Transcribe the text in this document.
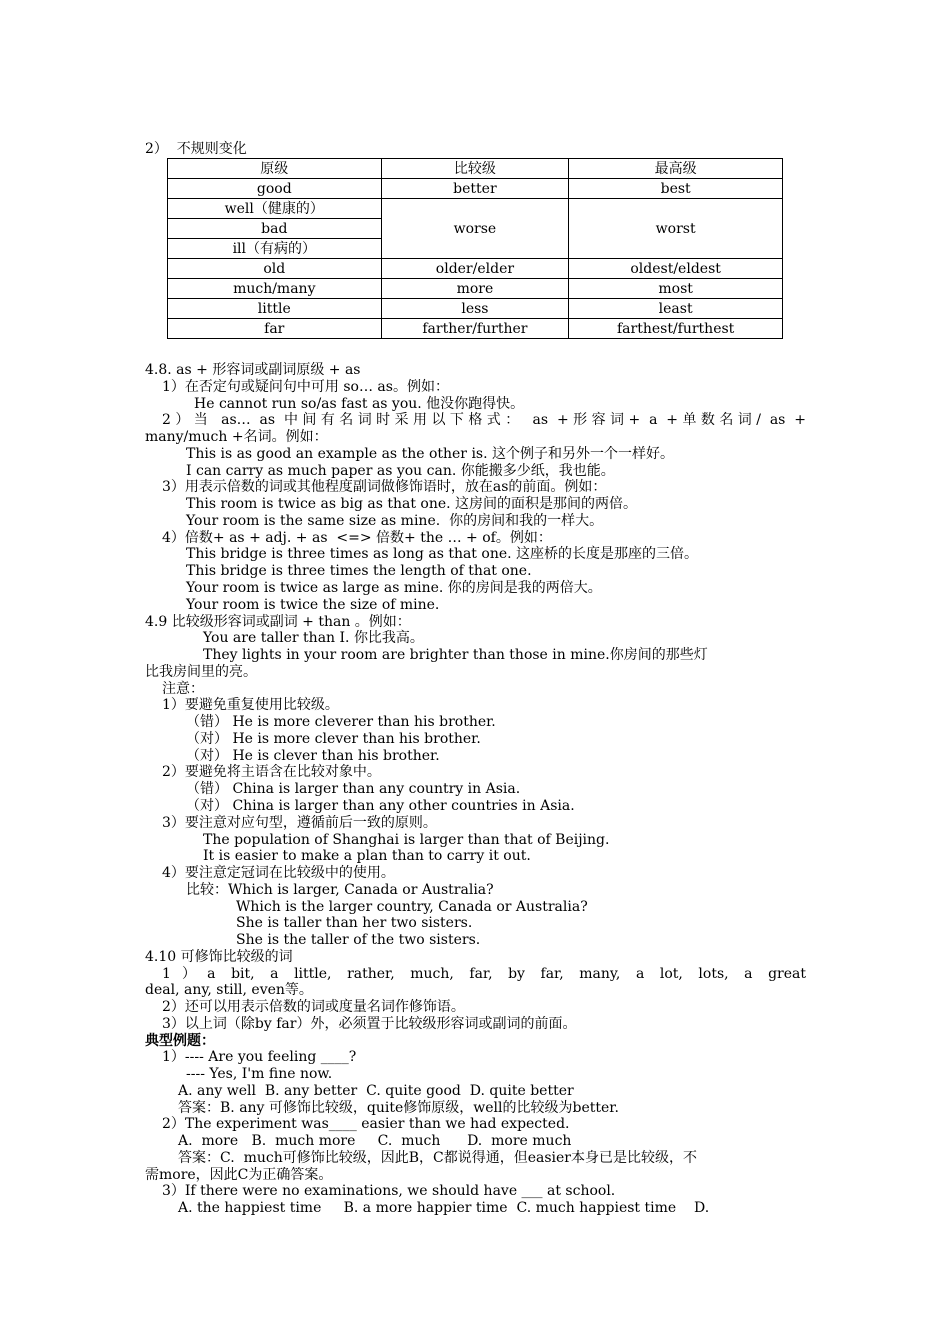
2）  不规则变化
原级	比较级	最高级
good	better	best
well（健康的）	worse	worst
bad		
ill（有病的）		
old	older/elder	oldest/eldest
much/many	more	most
little	less	least
far	farther/further	farthest/furthest
4.8. as + 形容词或副词原级 + as
1）在否定句或疑问句中可用 so… as。例如：
He cannot run so/as fast as you. 他没你跑得快。
2）当 as… as 中间有名词时采用以下格式： as +形容词+ a +单数名词/ as +
many/much +名词。例如：
This is as good an example as the other is. 这个例子和另外一个一样好。
I can carry as much paper as you can. 你能搬多少纸，我也能。
3）用表示倍数的词或其他程度副词做修饰语时，放在as的前面。例如：
This room is twice as big as that one. 这房间的面积是那间的两倍。
Your room is the same size as mine.  你的房间和我的一样大。
4）倍数+ as + adj. + as  <=> 倍数+ the … + of。例如：
This bridge is three times as long as that one. 这座桥的长度是那座的三倍。
This bridge is three times the length of that one.
Your room is twice as large as mine. 你的房间是我的两倍大。
Your room is twice the size of mine.
4.9 比较级形容词或副词 + than 。例如：
You are taller than I. 你比我高。
They lights in your room are brighter than those in mine.你房间的那些灯
比我房间里的亮。
注意：
1）要避免重复使用比较级。
（错） He is more cleverer than his brother.
（对） He is more clever than his brother.
（对） He is clever than his brother.
2）要避免将主语含在比较对象中。
（错） China is larger than any country in Asia.
（对） China is larger than any other countries in Asia.
3）要注意对应句型，遵循前后一致的原则。
The population of Shanghai is larger than that of Beijing.
It is easier to make a plan than to carry it out.
4）要注意定冠词在比较级中的使用。
比较：Which is larger, Canada or Australia?
Which is the larger country, Canada or Australia?
She is taller than her two sisters.
She is the taller of the two sisters.
4.10 可修饰比较级的词
1）a bit, a little, rather, much, far, by far, many, a lot, lots, a great
deal, any, still, even等。
2）还可以用表示倍数的词或度量名词作修饰语。
3）以上词（除by far）外，必须置于比较级形容词或副词的前面。
典型例题：
1）---- Are you feeling ____?
---- Yes, I'm fine now.
A. any well  B. any better  C. quite good  D. quite better
答案：B. any 可修饰比较级，quite修饰原级，well的比较级为better.
2）The experiment was____ easier than we had expected.
A.  more   B.  much more     C.  much      D.  more much
答案：C.  much可修饰比较级，因此B，C都说得通，但easier本身已是比较级，不
需more，因此C为正确答案。
3）If there were no examinations, we should have ___ at school.
A. the happiest time     B. a more happier time  C. much happiest time    D.
